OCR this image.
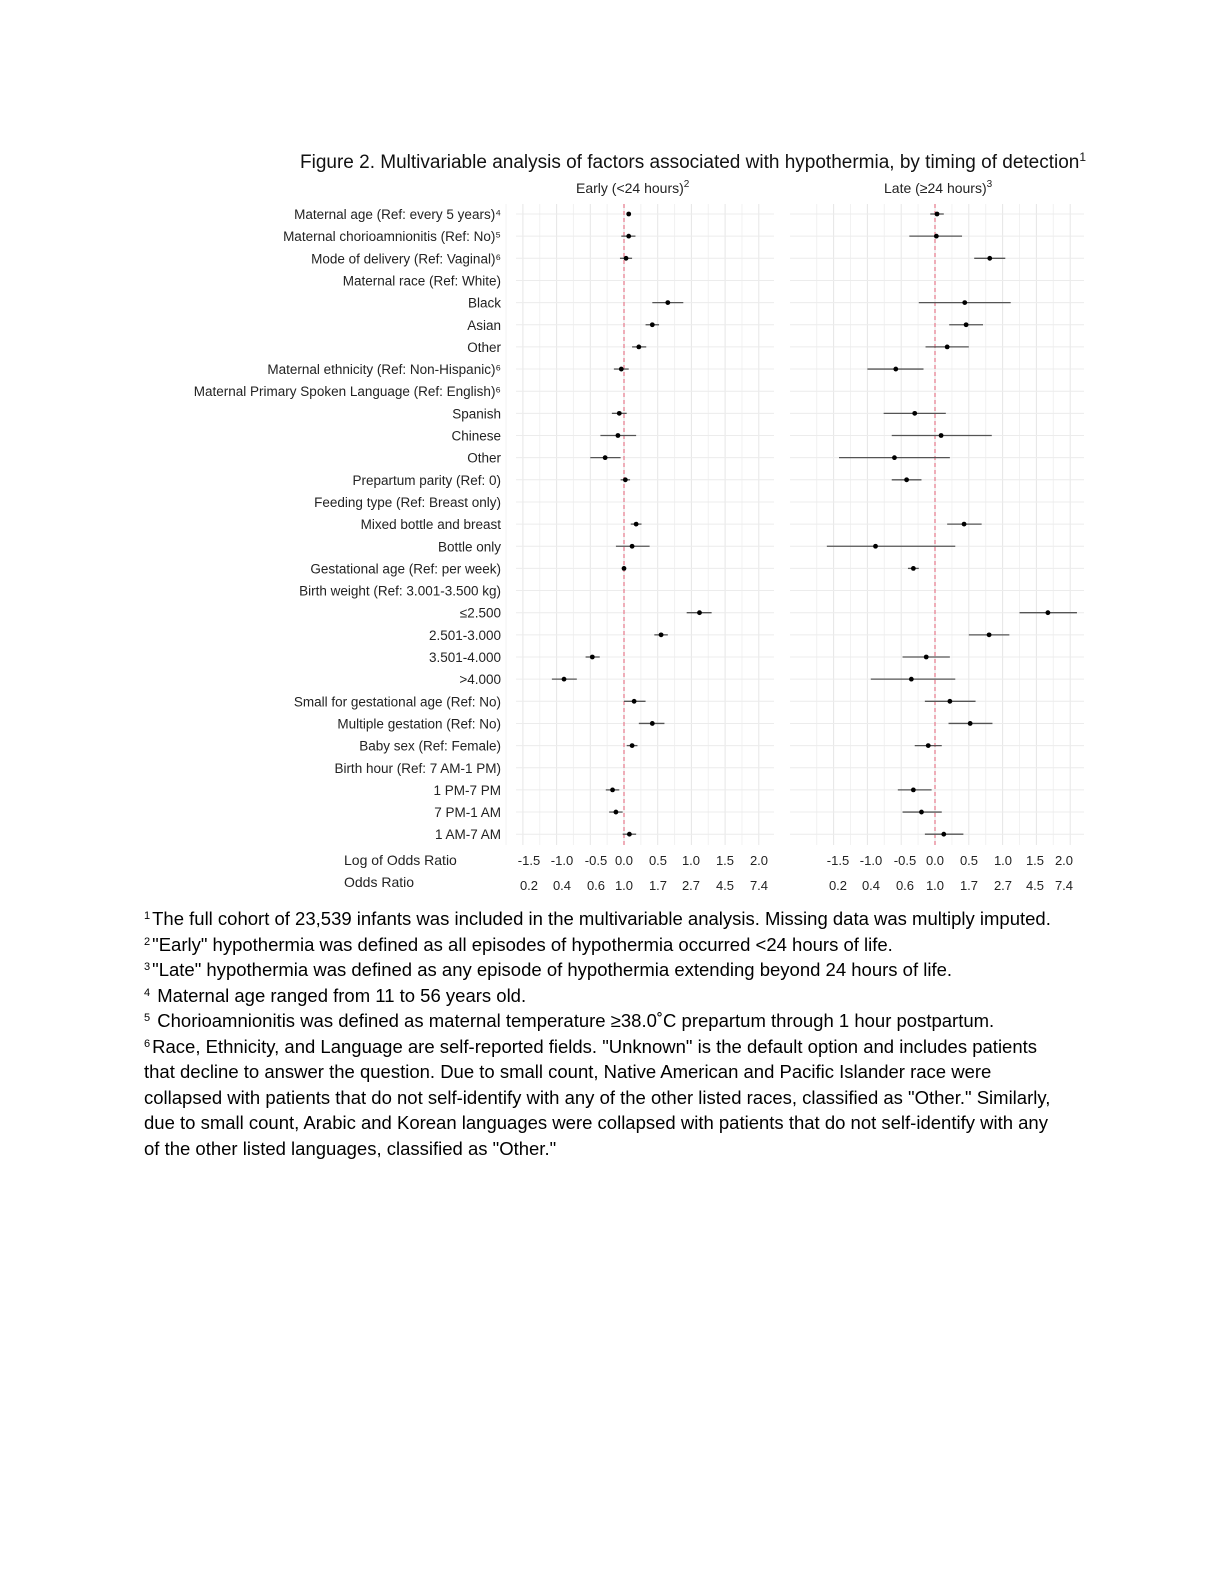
Figure 2. Multivariable analysis of factors associated with hypothermia, by timing of detection$^1$
Maternal age (Ref: every 5 years)⁴
Maternal chorioamnionitis (Ref: No)⁵
Mode of delivery (Ref: Vaginal)⁶
Maternal race (Ref: White)
Black
Asian
Other
Maternal ethnicity (Ref: Non-Hispanic)⁶
Maternal Primary Spoken Language (Ref: English)⁶
Spanish
Chinese
Other
Prepartum parity (Ref: 0)
Feeding type (Ref: Breast only)
Mixed bottle and breast
Bottle only
Gestational age (Ref: per week)
Birth weight (Ref: 3.001-3.500 kg)
≤2.500
2.501-3.000
3.501-4.000
>4.000
Small for gestational age (Ref: No)
Multiple gestation (Ref: No)
Baby sex (Ref: Female)
Birth hour (Ref: 7 AM-1 PM)
1 PM-7 PM
7 PM-1 AM
1 AM-7 AM
Early (<24 hours)$^2$
-1.5 -1.0 -0.5 0.0 0.5 1.0 1.5 2.0
0.2 0.4 0.6 1.0 1.7 2.7 4.5 7.4
Late (≥24 hours)$^3$
-1.5 -1.0 -0.5 0.0 0.5 1.0 1.5 2.0
0.2 0.4 0.6 1.0 1.7 2.7 4.5 7.4
Log of Odds Ratio
Odds Ratio

$^1$ The full cohort of 23,539 infants was included in the multivariable analysis. Missing data was multiply imputed.

$^2$ "Early" hypothermia was defined as all episodes of hypothermia occurred <24 hours of life.

$^3$ "Late" hypothermia was defined as any episode of hypothermia extending beyond 24 hours of life.

$^4$ Maternal age ranged from 11 to 56 years old.

$^5$ Chorioamnionitis was defined as maternal temperature ≥38.0˚C prepartum through 1 hour postpartum.

$^6$ Race, Ethnicity, and Language are self-reported fields. "Unknown" is the default option and includes patients that decline to answer the question. Due to small count, Native American and Pacific Islander race were collapsed with patients that do not self-identify with any of the other listed races, classified as "Other." Similarly, due to small count, Arabic and Korean languages were collapsed with patients that do not self-identify with any of the other listed languages, classified as "Other."
